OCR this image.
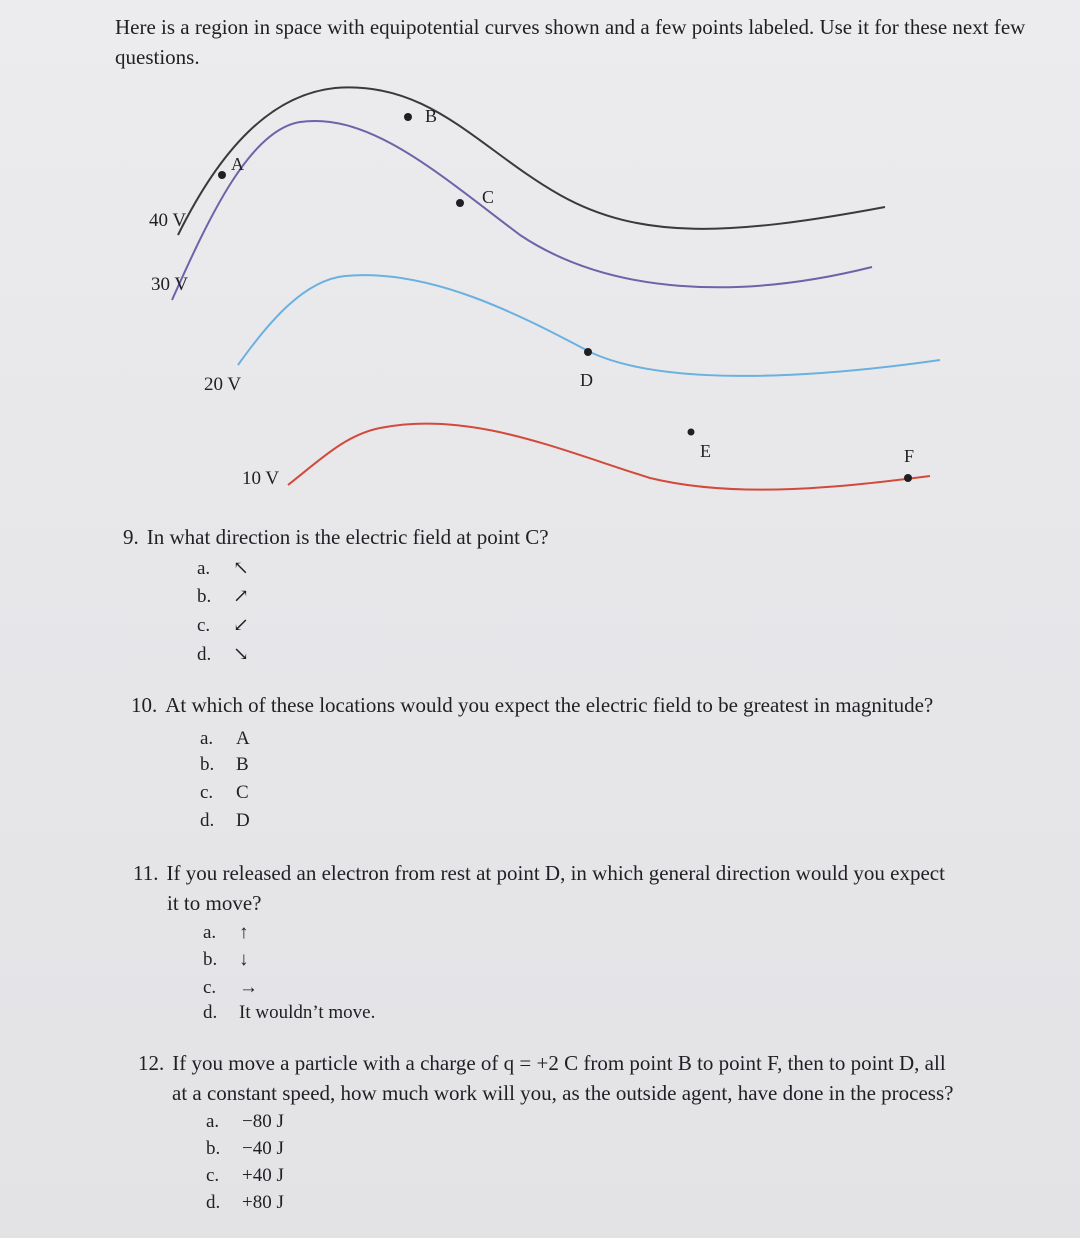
Here is a region in space with equipotential curves shown and a few points labeled. Use it for these next few questions.
A
B
C
D
E	F
40 V
30 V
20 V
10 V
9. In what direction is the electric field at point C?
a.	↖
b.	↗
c.	↙
d.	↘
10. At which of these locations would you expect the electric field to be greatest in magnitude?
a.	A
b.	B
c.	C
d.	D
11. If you released an electron from rest at point D, in which general direction would you expect
it to move?
a.	↑
b.	↓
c.	→
d.	It wouldn’t move.
12. If you move a particle with a charge of q = +2 C from point B to point F, then to point D, all
at a constant speed, how much work will you, as the outside agent, have done in the process?
a.	−80 J
b.	−40 J
c.	+40 J
d.	+80 J
